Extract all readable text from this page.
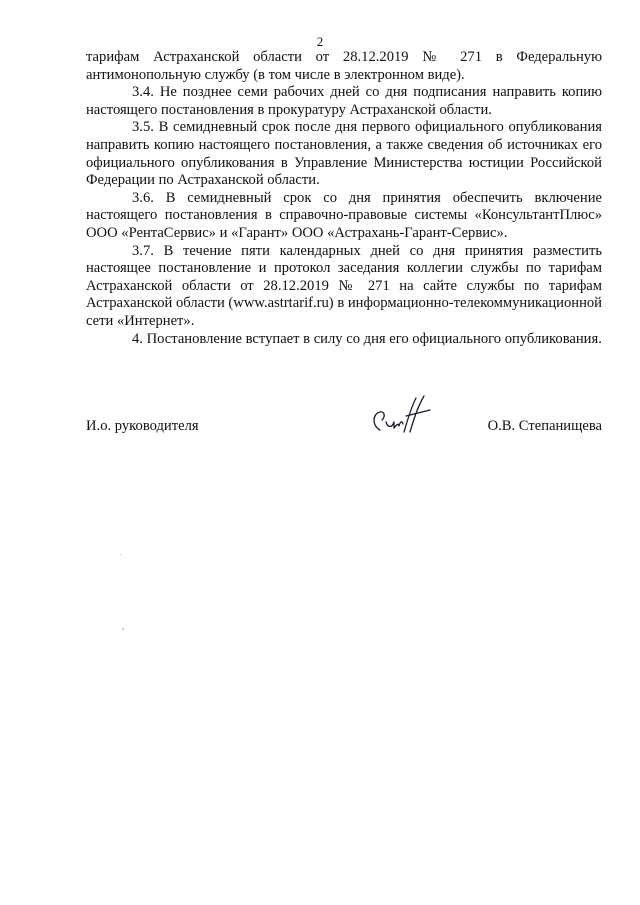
2

тарифам Астраханской области от 28.12.2019 № 271 в Федеральную антимонопольную службу (в том числе в электронном виде).

3.4. Не позднее семи рабочих дней со дня подписания направить копию настоящего постановления в прокуратуру Астраханской области.

3.5. В семидневный срок после дня первого официального опубликования направить копию настоящего постановления, а также сведения об источниках его официального опубликования в Управление Министерства юстиции Российской Федерации по Астраханской области.

3.6. В семидневный срок со дня принятия обеспечить включение настоящего постановления в справочно-правовые системы «КонсультантПлюс» ООО «РентаСервис» и «Гарант» ООО «Астрахань-Гарант-Сервис».

3.7. В течение пяти календарных дней со дня принятия разместить настоящее постановление и протокол заседания коллегии службы по тарифам Астраханской области от 28.12.2019 № 271 на сайте службы по тарифам Астраханской области (www.astrtarif.ru) в информационно-телекоммуникационной сети «Интернет».

4. Постановление вступает в силу со дня его официального опубликования.

И.о. руководителя	О.В. Степанищева
